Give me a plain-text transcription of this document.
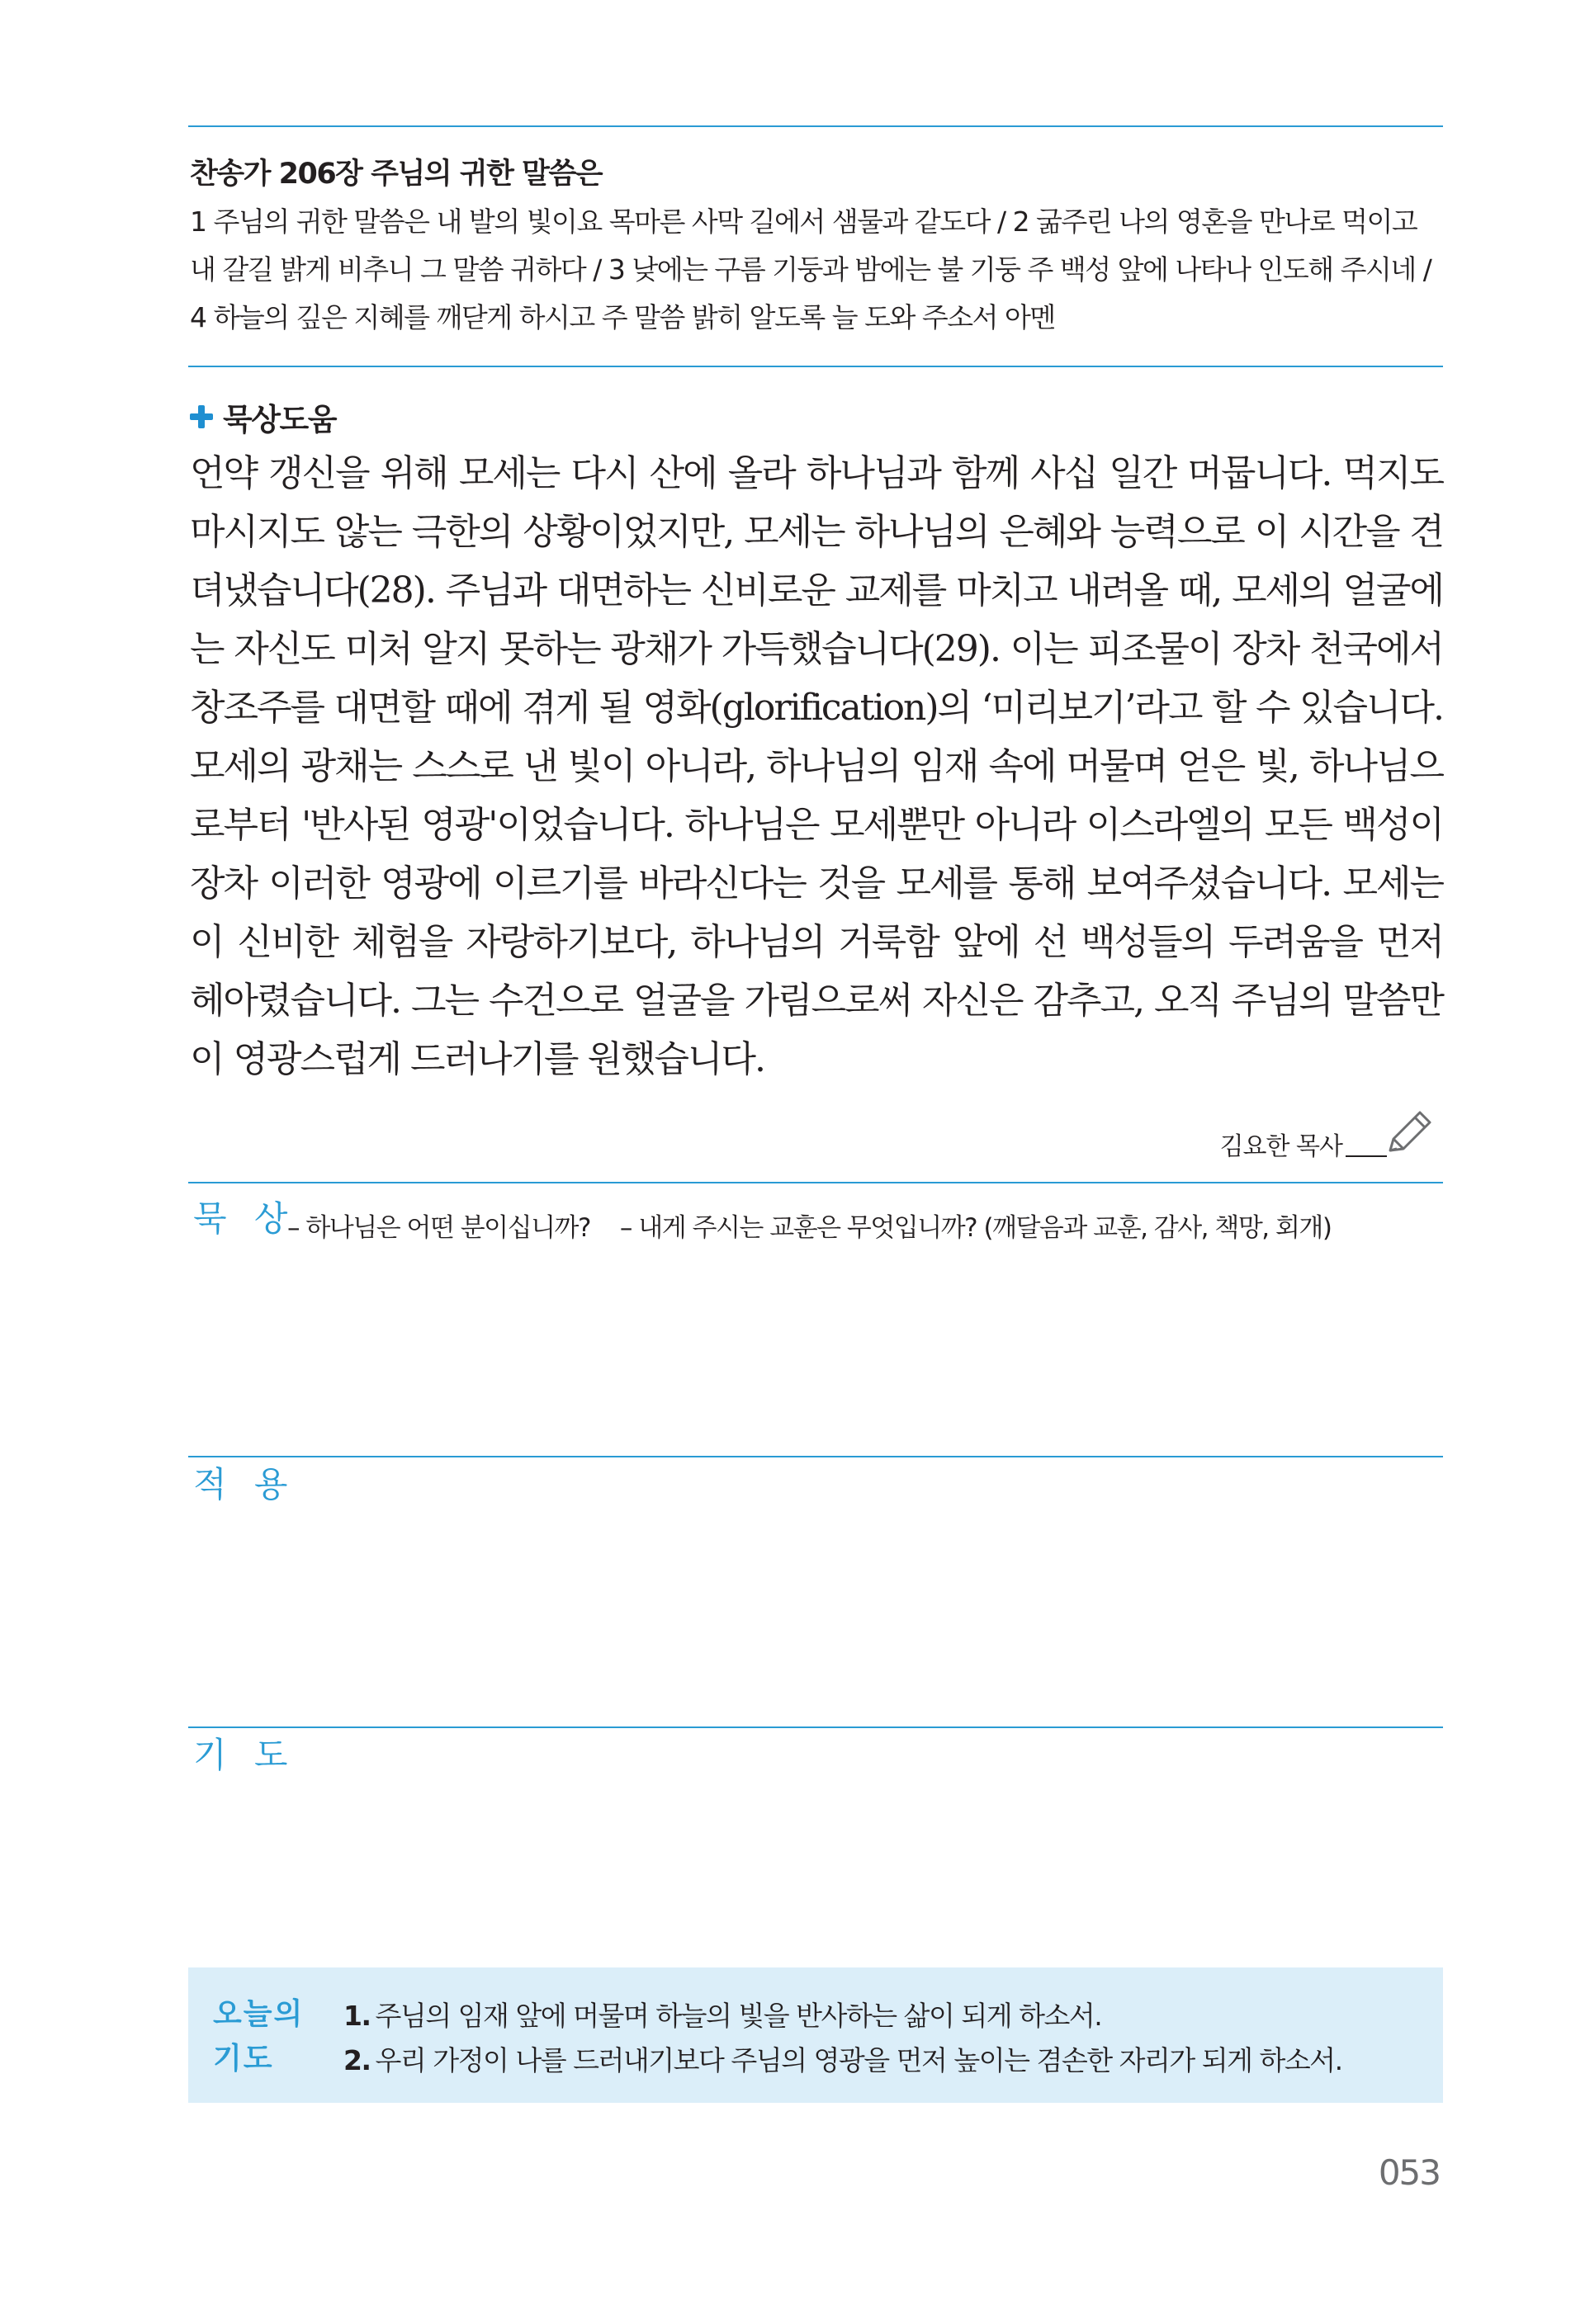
찬송가 206장 주님의 귀한 말씀은

1 주님의 귀한 말씀은 내 발의 빛이요 목마른 사막 길에서 샘물과 같도다 / 2 굶주린 나의 영혼을 만나로 먹이고 내 갈길 밝게 비추니 그 말씀 귀하다 / 3 낮에는 구름 기둥과 밤에는 불 기둥 주 백성 앞에 나타나 인도해 주시네 / 4 하늘의 깊은 지혜를 깨닫게 하시고 주 말씀 밝히 알도록 늘 도와 주소서 아멘

묵상도움

언약 갱신을 위해 모세는 다시 산에 올라 하나님과 함께 사십 일간 머뭅니다. 먹지도 마시지도 않는 극한의 상황이었지만, 모세는 하나님의 은혜와 능력으로 이 시간을 견뎌냈습니다(28). 주님과 대면하는 신비로운 교제를 마치고 내려올 때, 모세의 얼굴에는 자신도 미처 알지 못하는 광채가 가득했습니다(29). 이는 피조물이 장차 천국에서 창조주를 대면할 때에 겪게 될 영화(glorification)의 ‘미리보기’라고 할 수 있습니다. 모세의 광채는 스스로 낸 빛이 아니라, 하나님의 임재 속에 머물며 얻은 빛, 하나님으로부터 '반사된 영광'이었습니다. 하나님은 모세뿐만 아니라 이스라엘의 모든 백성이 장차 이러한 영광에 이르기를 바라신다는 것을 모세를 통해 보여주셨습니다. 모세는 이 신비한 체험을 자랑하기보다, 하나님의 거룩함 앞에 선 백성들의 두려움을 먼저 헤아렸습니다. 그는 수건으로 얼굴을 가림으로써 자신은 감추고, 오직 주님의 말씀만이 영광스럽게 드러나기를 원했습니다.

김요한 목사
묵 상
– 하나님은 어떤 분이십니까? – 내게 주시는 교훈은 무엇입니까? (깨달음과 교훈, 감사, 책망, 회개)
적 용
기 도
오늘의
기도
1. 주님의 임재 앞에 머물며 하늘의 빛을 반사하는 삶이 되게 하소서.
2. 우리 가정이 나를 드러내기보다 주님의 영광을 먼저 높이는 겸손한 자리가 되게 하소서.
053
